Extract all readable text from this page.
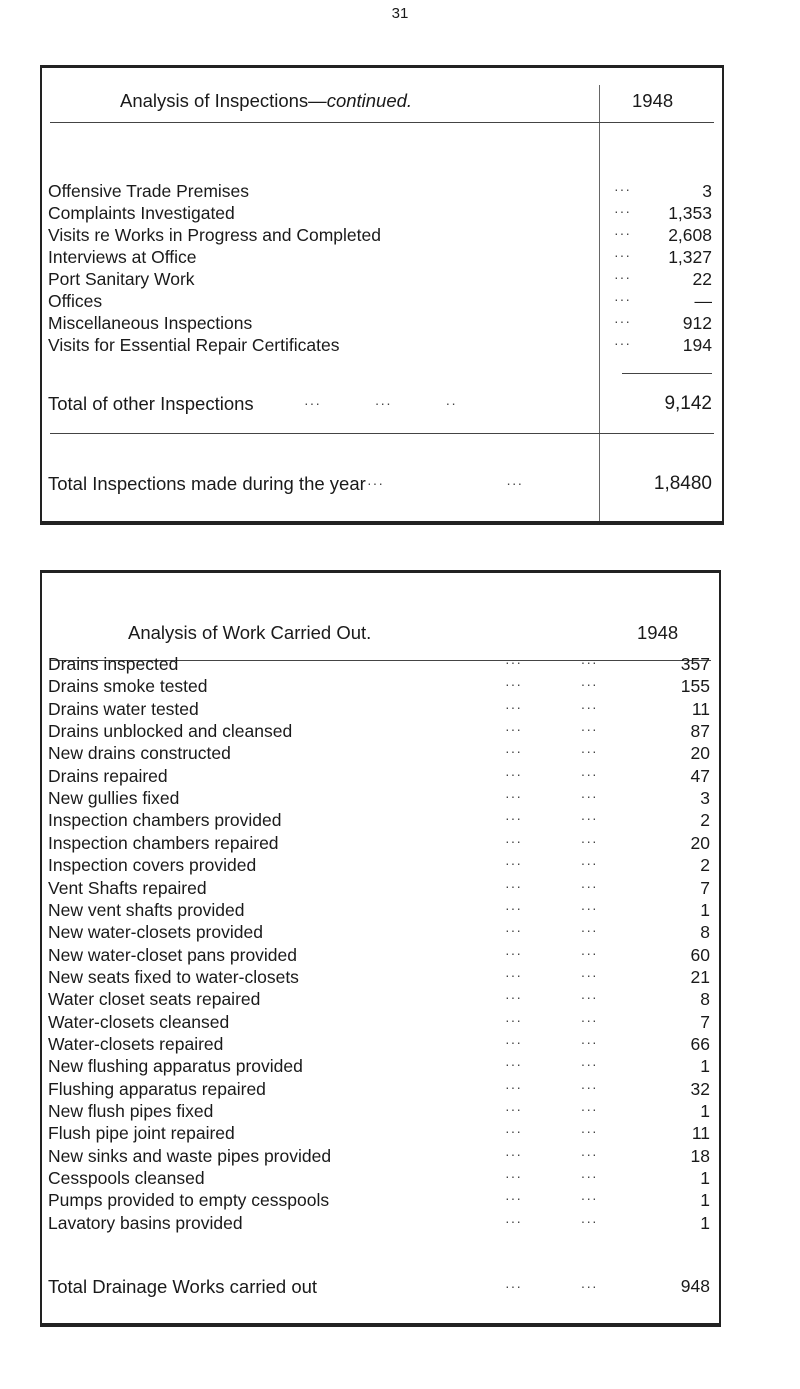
31
Analysis of Inspections—continued.	1948
Offensive Trade Premises	···	3
Complaints Investigated	···	1,353
Visits re Works in Progress and Completed	···	2,608
Interviews at Office	···	1,327
Port Sanitary Work	···	22
Offices	···	—
Miscellaneous Inspections	···	912
Visits for Essential Repair Certificates	···	194
Total of other Inspections	···           ···           ··	9,142
Total Inspections made during the year ···                         ···	1,8480
Analysis of Work Carried Out.	1948
Drains inspected	···            ···	357
Drains smoke tested	···            ···	155
Drains water tested	···            ···	11
Drains unblocked and cleansed	···            ···	87
New drains constructed	···            ···	20
Drains repaired	···            ···	47
New gullies fixed	···            ···	3
Inspection chambers provided	···            ···	2
Inspection chambers repaired	···            ···	20
Inspection covers provided	···            ···	2
Vent Shafts repaired	···            ···	7
New vent shafts provided	···            ···	1
New water-closets provided	···            ···	8
New water-closet pans provided	···            ···	60
New seats fixed to water-closets	···            ···	21
Water closet seats repaired	···            ···	8
Water-closets cleansed	···            ···	7
Water-closets repaired	···            ···	66
New flushing apparatus provided	···            ···	1
Flushing apparatus repaired	···            ···	32
New flush pipes fixed	···            ···	1
Flush pipe joint repaired	···            ···	11
New sinks and waste pipes provided	···            ···	18
Cesspools cleansed	···            ···	1
Pumps provided to empty cesspools	···            ···	1
Lavatory basins provided	···            ···	1
Total Drainage Works carried out	···            ···	948
